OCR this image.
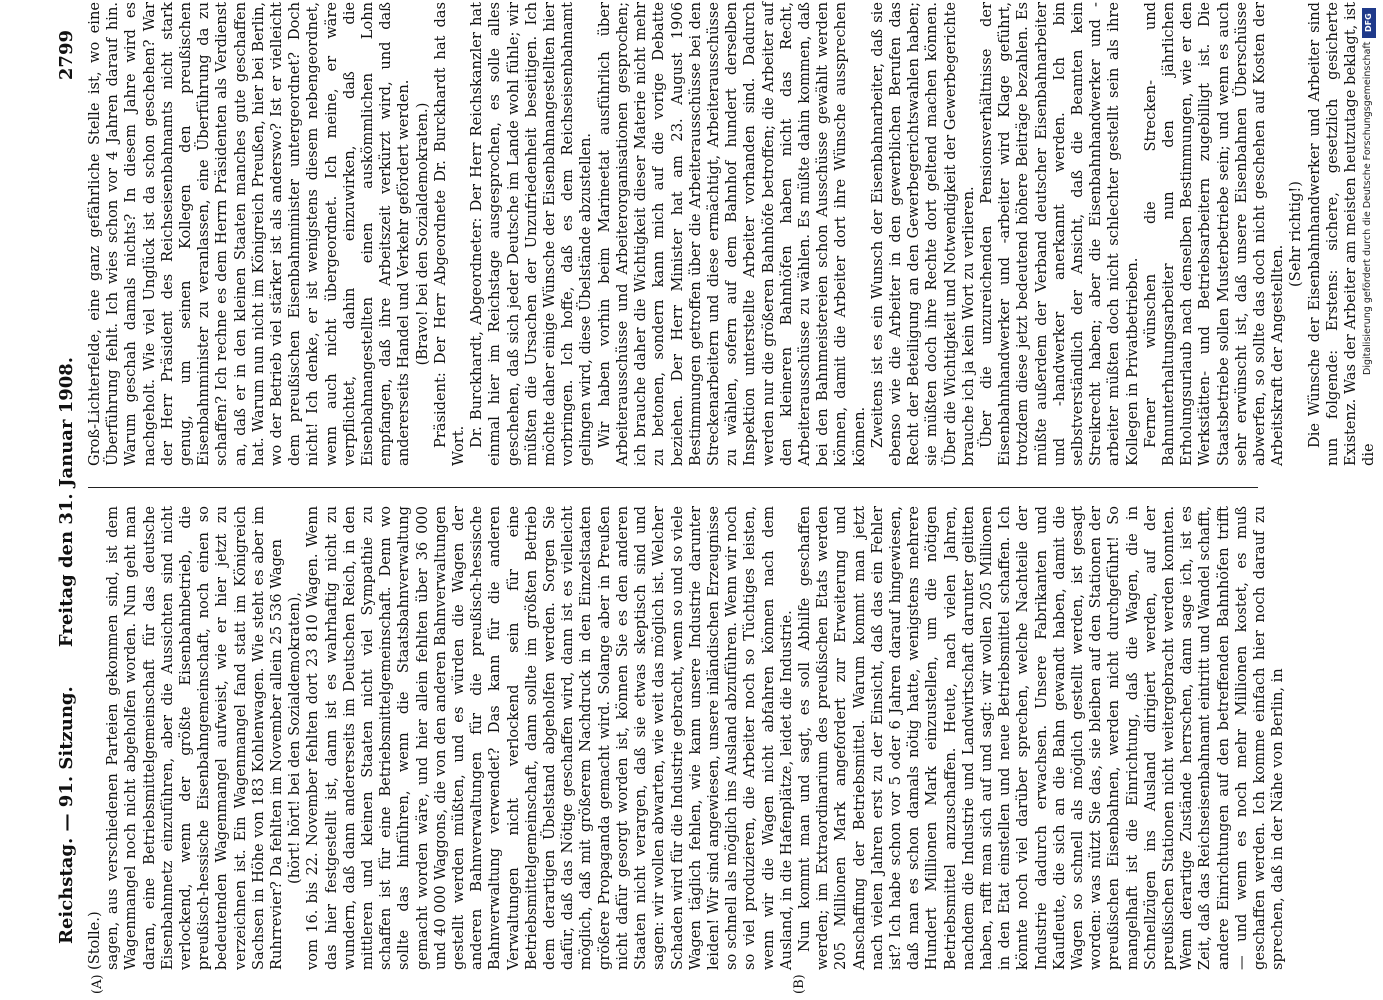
Reichstag. — 91. Sitzung.
Freitag den 31. Januar 1908.
2799
(A)	(B)

(Stolle.) sagen, aus verschiedenen Parteien gekommen sind, ist dem Wagenmangel noch nicht abgeholfen worden. Nun geht man daran, eine Betriebsmittelgemeinschaft für das deutsche Eisenbahnnetz einzuführen, aber die Aussichten sind nicht verlockend, wenn der größte Eisenbahnbetrieb, die preußisch-hessische Eisenbahngemeinschaft, noch einen so bedeutenden Wagenmangel aufweist, wie er hier jetzt zu verzeichnen ist. Ein Wagenmangel fand statt im Königreich Sachsen in Höhe von 183 Kohlenwagen. Wie steht es aber im Ruhrrevier? Da fehlten im November allein 25 536 Wagen (hört! hört! bei den Sozialdemokraten), vom 16. bis 22. November fehlten dort 23 810 Wagen. Wenn das hier festgestellt ist, dann ist es wahrhaftig nicht zu wundern, daß dann andererseits im Deutschen Reich, in den mittleren und kleinen Staaten nicht viel Sympathie zu schaffen ist für eine Betriebsmittelgemeinschaft. Denn wo sollte das hinführen, wenn die Staatsbahnverwaltung gemacht worden wäre, und hier allein fehlten über 36 000 und 40 000 Waggons, die von den anderen Bahnverwaltungen gestellt werden müßten, und es würden die Wagen der anderen Bahnverwaltungen für die preußisch-hessische Bahnverwaltung verwendet? Das kann für die anderen Verwaltungen nicht verlockend sein für eine Betriebsmittelgemeinschaft, dann sollte im größten Betrieb dem derartigen Übelstand abgeholfen werden. Sorgen Sie dafür, daß das Nötige geschaffen wird, dann ist es vielleicht möglich, daß mit größerem Nachdruck in den Einzelstaaten größere Propaganda gemacht wird. Solange aber in Preußen nicht dafür gesorgt worden ist, können Sie es den anderen Staaten nicht verargen, daß sie etwas skeptisch sind und sagen: wir wollen abwarten, wie weit das möglich ist. Welcher Schaden wird für die Industrie gebracht, wenn so und so viele Wagen täglich fehlen, wie kann unsere Industrie darunter leiden! Wir sind angewiesen, unsere inländischen Erzeugnisse so schnell als möglich ins Ausland abzuführen. Wenn wir noch so viel produzieren, die Arbeiter noch so Tüchtiges leisten, wenn wir die Wagen nicht abfahren können nach dem Ausland, in die Hafenplätze, leidet die Industrie. Nun kommt man und sagt, es soll Abhilfe geschaffen werden; im Extraordinarium des preußischen Etats werden 205 Millionen Mark angefordert zur Erweiterung und Anschaffung der Betriebsmittel. Warum kommt man jetzt nach vielen Jahren erst zu der Einsicht, daß das ein Fehler ist? Ich habe schon vor 5 oder 6 Jahren darauf hingewiesen, daß man es schon damals nötig hatte, wenigstens mehrere Hundert Millionen Mark einzustellen, um die nötigen Betriebsmittel anzuschaffen. Heute, nach vielen Jahren, nachdem die Industrie und Landwirtschaft darunter gelitten haben, rafft man sich auf und sagt: wir wollen 205 Millionen in den Etat einstellen und neue Betriebsmittel schaffen. Ich könnte noch viel darüber sprechen, welche Nachteile der Industrie dadurch erwachsen. Unsere Fabrikanten und Kaufleute, die sich an die Bahn gewandt haben, damit die Wagen so schnell als möglich gestellt werden, ist gesagt worden: was nützt Sie das, sie bleiben auf den Stationen der preußischen Eisenbahnen, werden nicht durchgeführt! So mangelhaft ist die Einrichtung, daß die Wagen, die in Schnellzügen ins Ausland dirigiert werden, auf der preußischen Stationen nicht weitergebracht werden konnten. Wenn derartige Zustände herrschen, dann sage ich, ist es Zeit, daß das Reichseisenbahnamt eintritt und Wandel schafft, andere Einrichtungen auf den betreffenden Bahnhöfen trifft — und wenn es noch mehr Millionen kostet, es muß geschaffen werden. Ich komme einfach hier noch darauf zu sprechen, daß in der Nähe von Berlin, in

Groß-Lichterfelde, eine ganz gefährliche Stelle ist, wo eine Überführung fehlt. Ich wies schon vor 4 Jahren darauf hin. Warum geschah damals nichts? In diesem Jahre wird es nachgeholt. Wie viel Unglück ist da schon geschehen? War der Herr Präsident des Reichseisenbahnamts nicht stark genug, um seinen Kollegen den preußischen Eisenbahnminister zu veranlassen, eine Überführung da zu schaffen? Ich rechne es dem Herrn Präsidenten als Verdienst an, daß er in den kleinen Staaten manches gute geschaffen hat. Warum nun nicht im Königreich Preußen, hier bei Berlin, wo der Betrieb viel stärker ist als anderswo? Ist er vielleicht dem preußischen Eisenbahnminister untergeordnet? Doch nicht! Ich denke, er ist wenigstens diesem nebengeordnet, wenn auch nicht übergeordnet. Ich meine, er wäre verpflichtet, dahin einzuwirken, daß die Eisenbahnangestellten einen auskömmlichen Lohn empfangen, daß ihre Arbeitszeit verkürzt wird, und daß andererseits Handel und Verkehr gefördert werden. (Bravo! bei den Sozialdemokraten.) Präsident: Der Herr Abgeordnete Dr. Burckhardt hat das Wort. Dr. Burckhardt, Abgeordneter: Der Herr Reichskanzler hat einmal hier im Reichstage ausgesprochen, es solle alles geschehen, daß sich jeder Deutsche im Lande wohl fühle; wir müßten die Ursachen der Unzufriedenheit beseitigen. Ich möchte daher einige Wünsche der Eisenbahnangestellten hier vorbringen. Ich hoffe, daß es dem Reichseisenbahnamt gelingen wird, diese Übelstände abzustellen. Wir haben vorhin beim Marineetat ausführlich über Arbeiterausschüsse und Arbeiterorganisationen gesprochen; ich brauche daher die Wichtigkeit dieser Materie nicht mehr zu betonen, sondern kann mich auf die vorige Debatte beziehen. Der Herr Minister hat am 23. August 1906 Bestimmungen getroffen über die Arbeiterausschüsse bei den Streckenarbeitern und diese ermächtigt, Arbeiterausschüsse zu wählen, sofern auf dem Bahnhof hundert derselben Inspektion unterstellte Arbeiter vorhanden sind. Dadurch werden nur die größeren Bahnhöfe betroffen; die Arbeiter auf den kleineren Bahnhöfen haben nicht das Recht, Arbeiterausschüsse zu wählen. Es müßte dahin kommen, daß bei den Bahnmeistereien schon Ausschüsse gewählt werden können, damit die Arbeiter dort ihre Wünsche aussprechen können. Zweitens ist es ein Wunsch der Eisenbahnarbeiter, daß sie ebenso wie die Arbeiter in den gewerblichen Berufen das Recht der Beteiligung an den Gewerbegerichtswahlen haben; sie müßten doch ihre Rechte dort geltend machen können. Über die Wichtigkeit und Notwendigkeit der Gewerbegerichte brauche ich ja kein Wort zu verlieren. Über die unzureichenden Pensionsverhältnisse der Eisenbahnhandwerker und -arbeiter wird Klage geführt, trotzdem diese jetzt bedeutend höhere Beiträge bezahlen. Es müßte außerdem der Verband deutscher Eisenbahnarbeiter und -handwerker anerkannt werden. Ich bin selbstverständlich der Ansicht, daß die Beamten kein Streikrecht haben; aber die Eisenbahnhandwerker und -arbeiter müßten doch nicht schlechter gestellt sein als ihre Kollegen in Privatbetrieben. Ferner wünschen die Strecken- und Bahnunterhaltungsarbeiter nun den jährlichen Erholungsurlaub nach denselben Bestimmungen, wie er den Werkstätten- und Betriebsarbeitern zugebilligt ist. Die Staatsbetriebe sollen Musterbetriebe sein; und wenn es auch sehr erwünscht ist, daß unsere Eisenbahnen Überschüsse abwerfen, so sollte das doch nicht geschehen auf Kosten der Arbeitskraft der Angestellten.

(Sehr richtig!) Die Wünsche der Eisenbahnhandwerker und Arbeiter sind nun folgende: Erstens: sichere, gesetzlich gesicherte Existenz. Was der Arbeiter am meisten heutzutage beklagt, ist die

DFG
Digitalisierung gefördert durch die Deutsche Forschungsgemeinschaft
